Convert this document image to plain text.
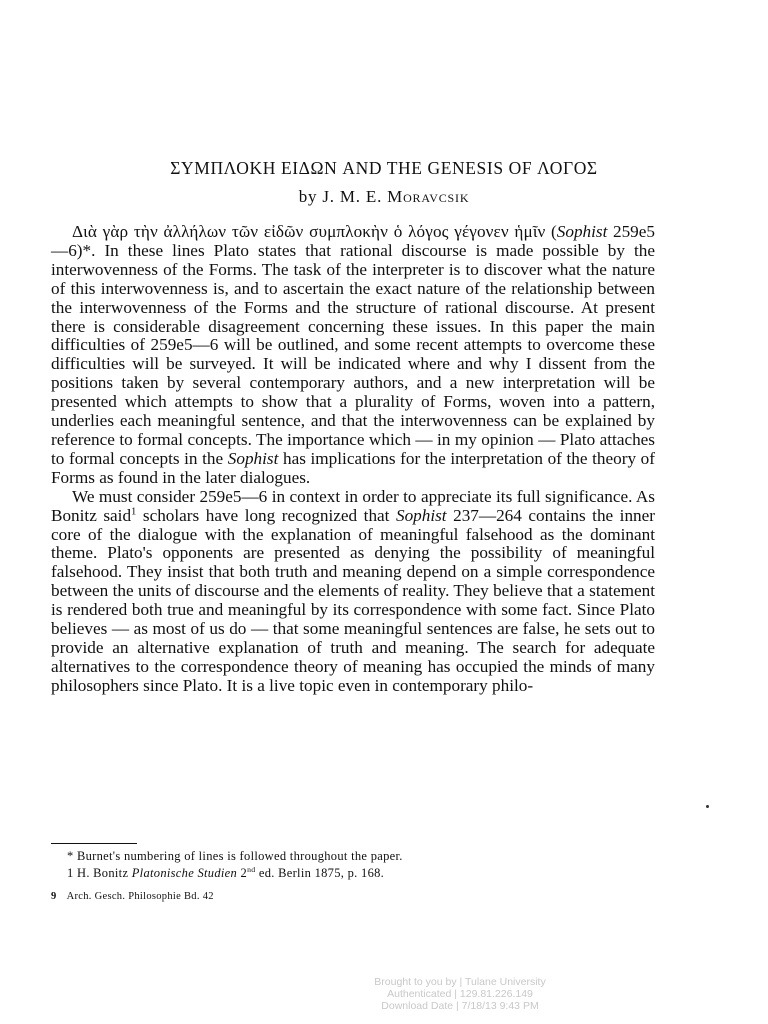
ΣΥΜΠΛΟΚΗ ΕΙΔΩΝ AND THE GENESIS OF ΛΟΓΟΣ
by J. M. E. Moravcsik

Διὰ γὰρ τὴν ἀλλήλων τῶν εἰδῶν συμπλοκὴν ὁ λόγος γέγονεν ἡμῖν (Sophist 259e5—6)*. In these lines Plato states that rational discourse is made possible by the interwovenness of the Forms. The task of the interpreter is to discover what the nature of this interwovenness is, and to ascertain the exact nature of the relationship between the interwovenness of the Forms and the structure of rational discourse. At present there is considerable disagreement concerning these issues. In this paper the main difficulties of 259e5—6 will be outlined, and some recent attempts to overcome these difficulties will be surveyed. It will be indicated where and why I dissent from the positions taken by several contemporary authors, and a new interpretation will be presented which attempts to show that a plurality of Forms, woven into a pattern, underlies each meaningful sentence, and that the interwovenness can be explained by reference to formal concepts. The importance which — in my opinion — Plato attaches to formal concepts in the Sophist has implications for the interpretation of the theory of Forms as found in the later dialogues.

We must consider 259e5—6 in context in order to appreciate its full significance. As Bonitz said$^1$ scholars have long recognized that Sophist 237—264 contains the inner core of the dialogue with the explanation of meaningful falsehood as the dominant theme. Plato's opponents are presented as denying the possibility of meaningful falsehood. They insist that both truth and meaning depend on a simple correspondence between the units of discourse and the elements of reality. They believe that a statement is rendered both true and meaningful by its correspondence with some fact. Since Plato believes — as most of us do — that some meaningful sentences are false, he sets out to provide an alternative explanation of truth and meaning. The search for adequate alternatives to the correspondence theory of meaning has occupied the minds of many philosophers since Plato. It is a live topic even in contemporary philo-

* Burnet's numbering of lines is followed throughout the paper.
1 H. Bonitz Platonische Studien 2nd ed. Berlin 1875, p. 168.
9 Arch. Gesch. Philosophie Bd. 42
Brought to you by | Tulane University
Authenticated | 129.81.226.149
Download Date | 7/18/13 9:43 PM
